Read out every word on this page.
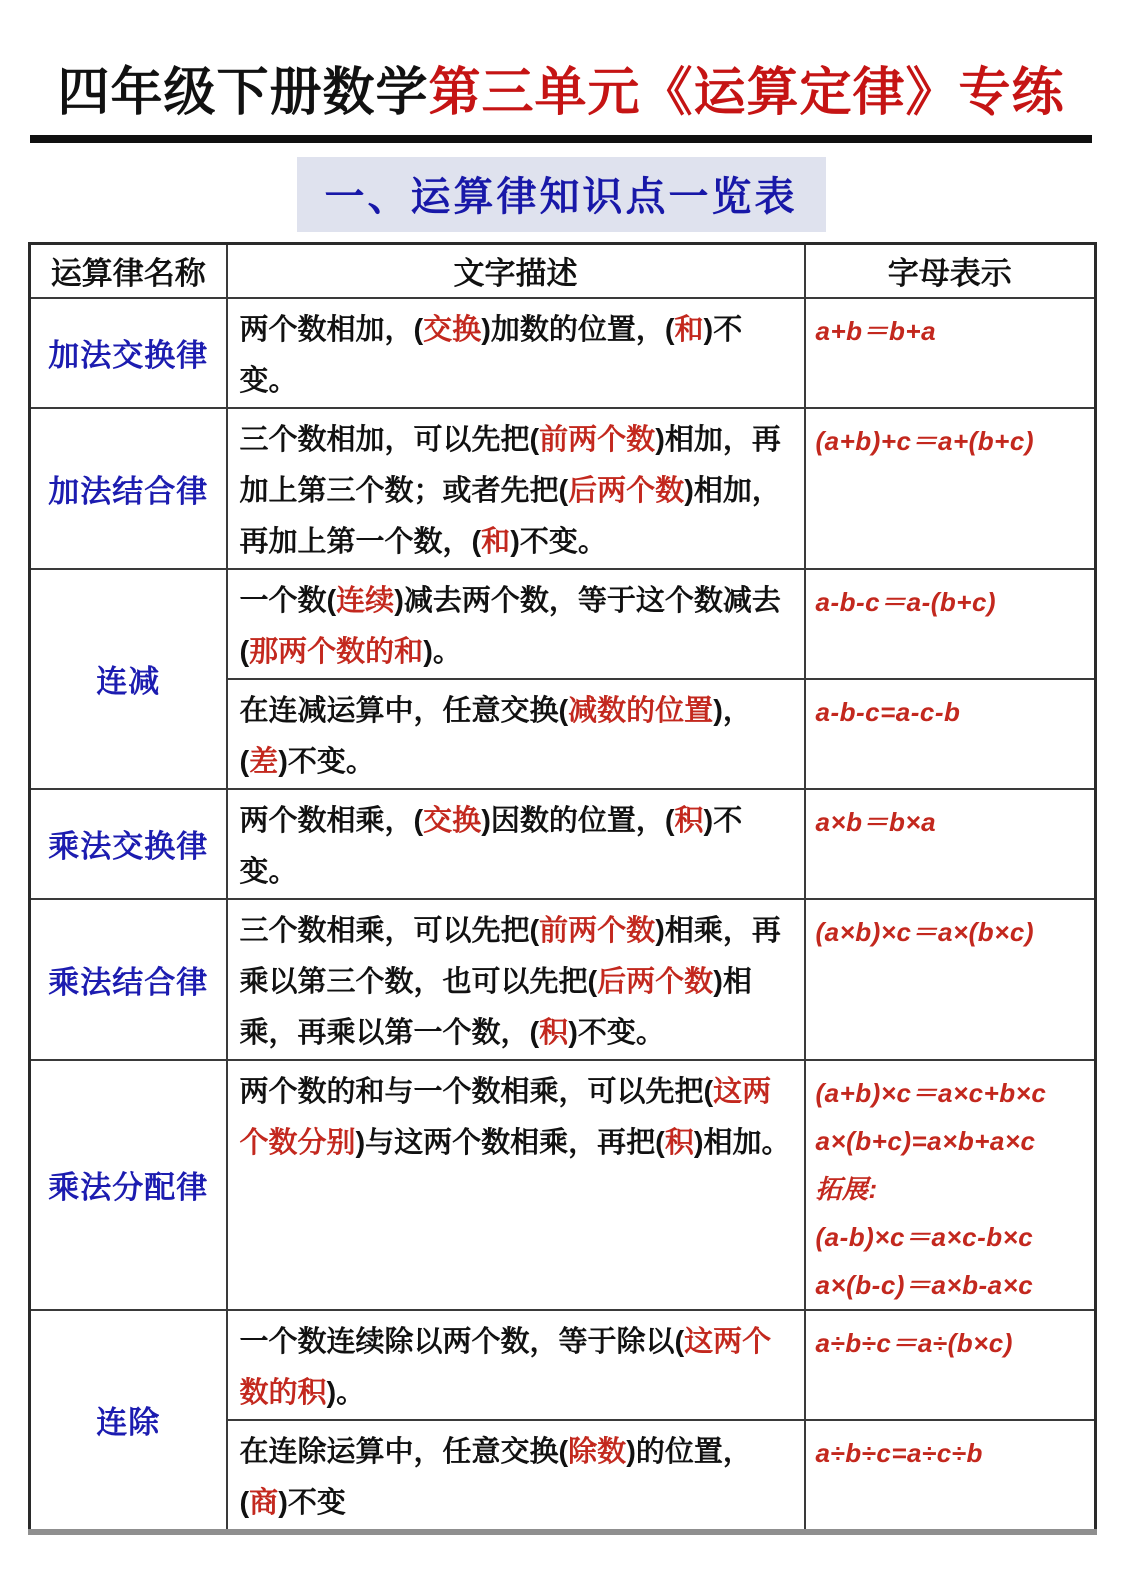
四年级下册数学第三单元《运算定律》专练
一、运算律知识点一览表
运算律名称	文字描述	字母表示
加法交换律	两个数相加，(交换)加数的位置，(和)不变。	a+b＝b+a

加法结合律	三个数相加，可以先把(前两个数)相加，再加上第三个数；或者先把(后两个数)相加，再加上第一个数，(和)不变。	(a+b)+c＝a+(b+c)

连减	一个数(连续)减去两个数，等于这个数减去(那两个数的和)。	a-b-c＝a-(b+c)

	在连减运算中，任意交换(减数的位置)，(差)不变。	a-b-c=a-c-b

乘法交换律	两个数相乘，(交换)因数的位置，(积)不变。	a×b＝b×a

乘法结合律	三个数相乘，可以先把(前两个数)相乘，再乘以第三个数，也可以先把(后两个数)相乘，再乘以第一个数，(积)不变。	(a×b)×c＝a×(b×c)

乘法分配律	两个数的和与一个数相乘，可以先把(这两个数分别)与这两个数相乘，再把(积)相加。	(a+b)×c＝a×c+b×c
a×(b+c)=a×b+a×c
拓展:
(a-b)×c＝a×c-b×c
a×(b-c)＝a×b-a×c

连除	一个数连续除以两个数，等于除以(这两个数的积)。	a÷b÷c＝a÷(b×c)

	在连除运算中，任意交换(除数)的位置，(商)不变	a÷b÷c=a÷c÷b
